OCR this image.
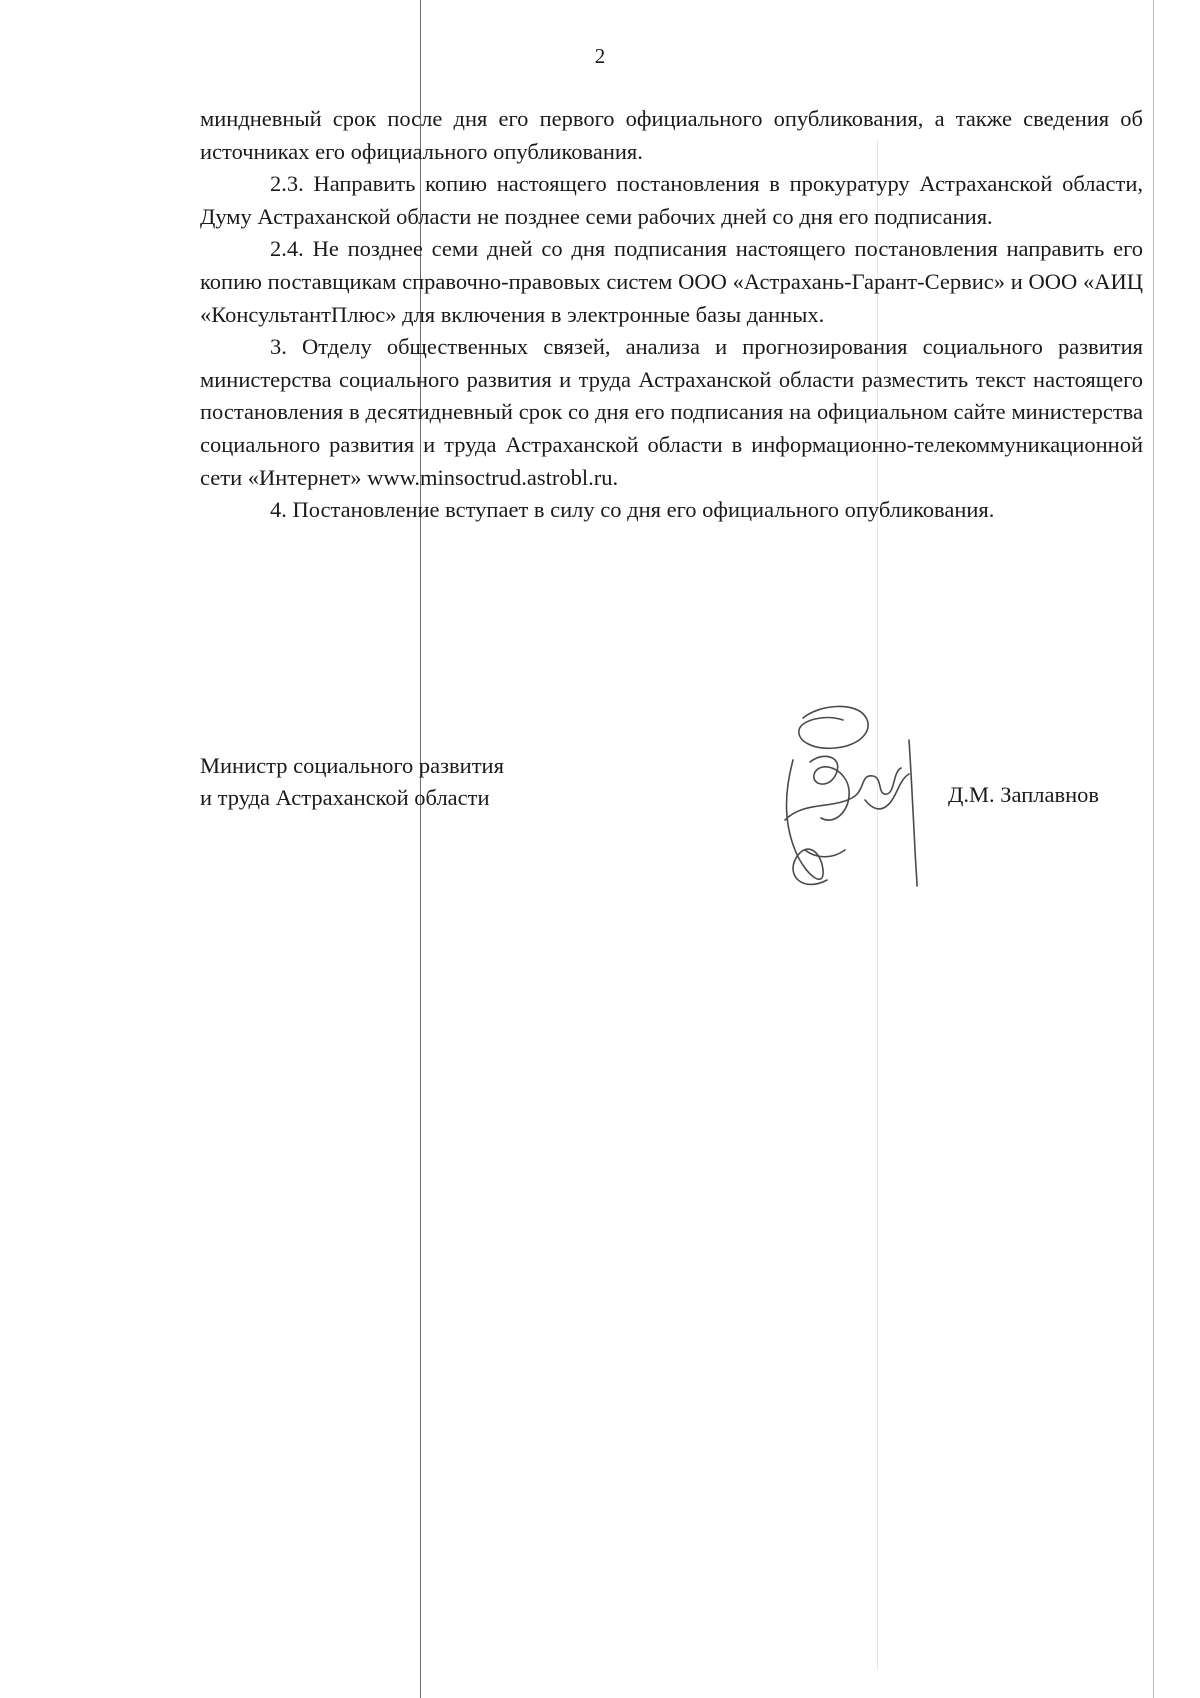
2

миндневный срок после дня его первого официального опубликования, а также сведения об источниках его официального опубликования.

2.3. Направить копию настоящего постановления в прокуратуру Астраханской области, Думу Астраханской области не позднее семи рабочих дней со дня его подписания.

2.4. Не позднее семи дней со дня подписания настоящего постановления направить его копию поставщикам справочно-правовых систем ООО «Астрахань-Гарант-Сервис» и ООО «АИЦ «КонсультантПлюс» для включения в электронные базы данных.

3. Отделу общественных связей, анализа и прогнозирования социального развития министерства социального развития и труда Астраханской области разместить текст настоящего постановления в десятидневный срок со дня его подписания на официальном сайте министерства социального развития и труда Астраханской области в информационно-телекоммуникационной сети «Интернет» www.minsoctrud.astrobl.ru.

4. Постановление вступает в силу со дня его официального опубликования.

Министр социального развития
и труда Астраханской области	Д.М. Заплавнов
